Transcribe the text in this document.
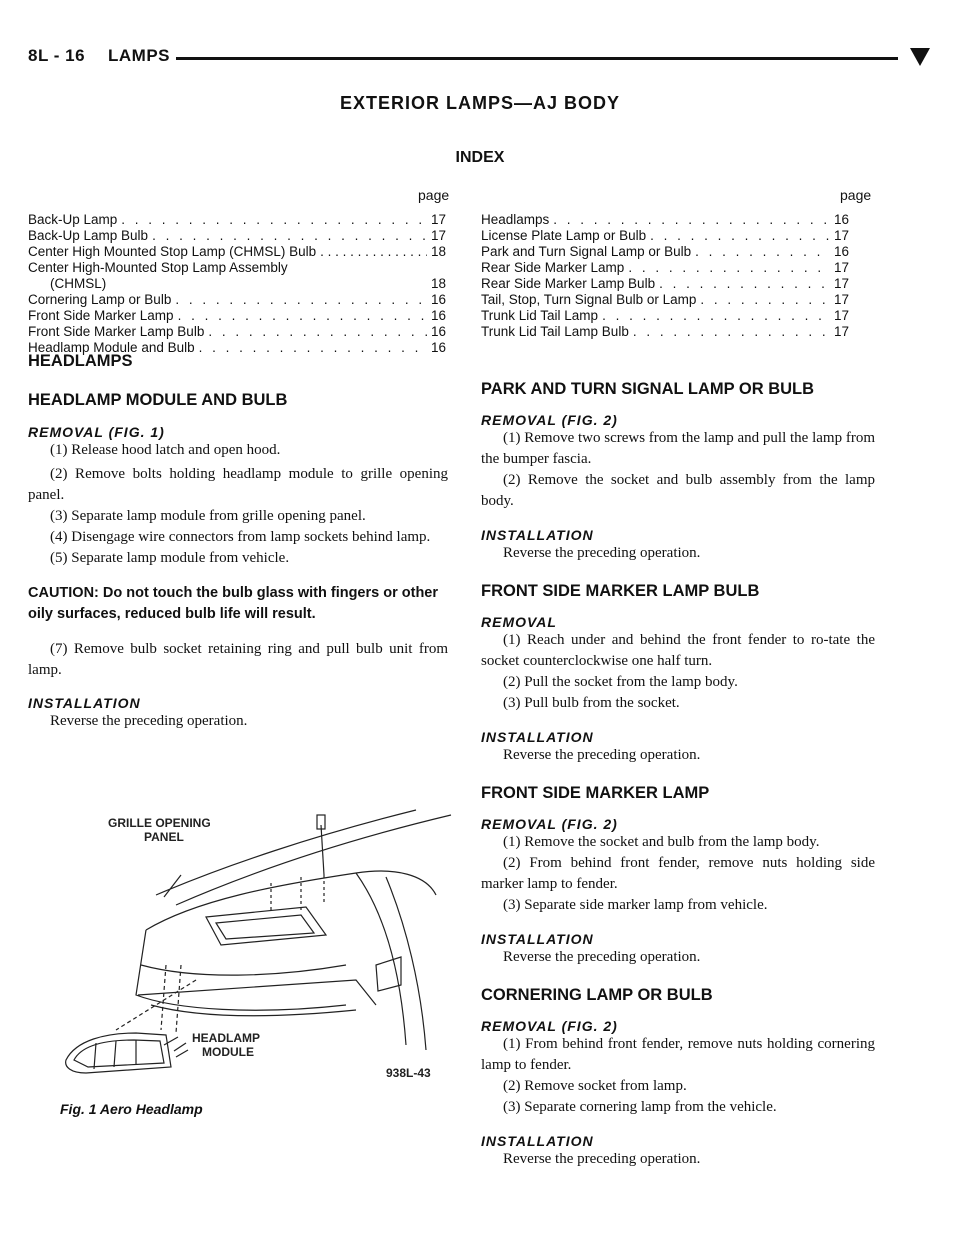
8L - 16 LAMPS
EXTERIOR LAMPS—AJ BODY
INDEX
page	page
Back-Up Lamp . . .	17
Back-Up Lamp Bulb . . .	17
Center High Mounted Stop Lamp (CHMSL) Bulb . . .	18
Center High-Mounted Stop Lamp Assembly
(CHMSL)	18
Cornering Lamp or Bulb . . .	16
Front Side Marker Lamp . . .	16
Front Side Marker Lamp Bulb . . .	16
Headlamp Module and Bulb . . .	16
Headlamps . . .	16
License Plate Lamp or Bulb . . .	17
Park and Turn Signal Lamp or Bulb . . .	16
Rear Side Marker Lamp . . .	17
Rear Side Marker Lamp Bulb . . .	17
Tail, Stop, Turn Signal Bulb or Lamp . . .	17
Trunk Lid Tail Lamp . . .	17
Trunk Lid Tail Lamp Bulb . . .	17
HEADLAMPS
HEADLAMP MODULE AND BULB
REMOVAL (FIG. 1)

(1) Release hood latch and open hood.

(2) Remove bolts holding headlamp module to grille opening panel.

(3) Separate lamp module from grille opening panel.

(4) Disengage wire connectors from lamp sockets behind lamp.

(5) Separate lamp module from vehicle.

CAUTION: Do not touch the bulb glass with fingers or other oily surfaces, reduced bulb life will result.

(7) Remove bulb socket retaining ring and pull bulb unit from lamp.

INSTALLATION

Reverse the preceding operation.

GRILLE OPENING
PANEL
HEADLAMP
MODULE
938L-43
Fig. 1 Aero Headlamp
PARK AND TURN SIGNAL LAMP OR BULB
REMOVAL (FIG. 2)

(1) Remove two screws from the lamp and pull the lamp from the bumper fascia.

(2) Remove the socket and bulb assembly from the lamp body.

INSTALLATION

Reverse the preceding operation.

FRONT SIDE MARKER LAMP BULB
REMOVAL

(1) Reach under and behind the front fender to ro-tate the socket counterclockwise one half turn.

(2) Pull the socket from the lamp body.

(3) Pull bulb from the socket.

INSTALLATION

Reverse the preceding operation.

FRONT SIDE MARKER LAMP
REMOVAL (FIG. 2)

(1) Remove the socket and bulb from the lamp body.

(2) From behind front fender, remove nuts holding side marker lamp to fender.

(3) Separate side marker lamp from vehicle.

INSTALLATION

Reverse the preceding operation.

CORNERING LAMP OR BULB
REMOVAL (FIG. 2)

(1) From behind front fender, remove nuts holding cornering lamp to fender.

(2) Remove socket from lamp.

(3) Separate cornering lamp from the vehicle.

INSTALLATION

Reverse the preceding operation.
